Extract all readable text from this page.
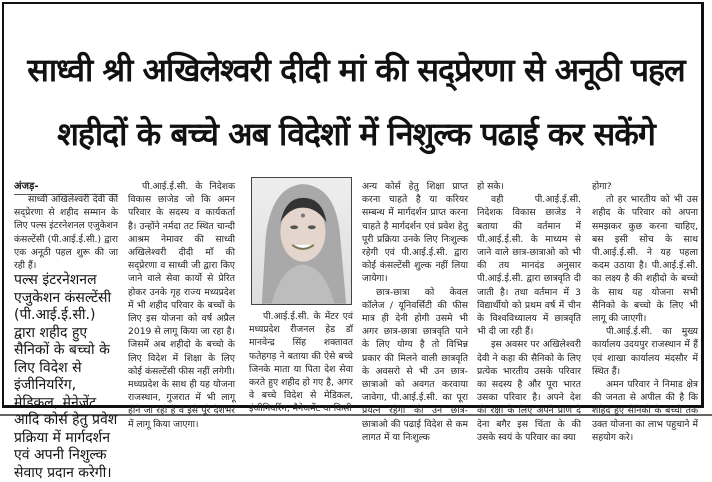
साध्वी श्री अखिलेश्वरी दीदी मां की सद्प्रेरणा से अनूठी पहल
शहीदों के बच्चे अब विदेशों में निशुल्क पढाई कर सकेंगे
अंजड़-

साध्वी अखिलेश्वरी देवी की सद्प्रेरणा से शहीद सम्मान के लिए पल्स इंटरनेशनल एजुकेशन कंसल्टेंसी (पी.आई.ई.सी.) द्वारा एक अनूठी पहल शुरू की जा रही हैं।

पल्स इंटरनेशनल एजुकेशन कंसल्टेंसी (पी.आई.ई.सी.) द्वारा शहीद हुए सैनिकों के बच्चो के लिए विदेश से इंजीनियरिंग, मेडिकल, मेनेजेंट आदि कोर्स हेतु प्रवेश प्रक्रिया में मार्गदर्शन एवं अपनी निशुल्क सेवाए प्रदान करेगी।

पी.आई.ई.सी. के निदेशक विकास छाजेड जो कि अमन परिवार के सदस्य व कार्यकर्ता है। उन्होंने नर्मदा तट स्थित चान्दी आश्रम नेमावर की साध्वी अखिलेश्वरी दीदी माँ की सद्प्रेरणा व साध्वी जी द्वारा किए जाने वाले सेवा कार्यो से प्रेरित होकर उनके गृह राज्य मध्यप्रदेश में भी शहीद परिवार के बच्चों के लिए इस योजना को वर्ष अप्रैल 2019 से लागू किया जा रहा है। जिसमें अब शहीदो के बच्चो के लिए विदेश में शिक्षा के लिए कोई कंसल्टेंसी फीस नहीं लगेगी। मध्यप्रदेश के साथ ही यह योजना राजस्थान, गुजरात में भी लागू होने जा रही है व इसे पूरे देशभर में लागू किया जाएगा।

पी.आई.ई.सी. के मेंटर एवं मध्यप्रदेश रीजनल हेड डॉ मानवेन्द्र सिंह शक्तावत फतेहगड़ ने बताया की ऐसे बच्चे जिनके माता या पिता देश सेवा करते हुए शहीद हो गए है, अगर वे बच्चे विदेश से मेडिकल, इंजीनियरिंग, मैनेजमेंट या किसी

अन्य कोर्स हेतु शिक्षा प्राप्त करना चाहते है या करियर सम्बन्ध में मार्गदर्शन प्राप्त करना चाहते है मार्गदर्शन एवं प्रवेश हेतु पूरी प्रक्रिया उनके लिए निःशुल्क रहेगी एवं पी.आई.ई.सी. द्वारा कोई कंसल्टेंसी शुल्क नहीं लिया जायेगा।

छात्र-छात्रा को केवल कॉलेज / यूनिवर्सिटी की फीस मात्र ही देनी होगी उसमे भी अगर छात्र-छात्रा छात्रवृति पाने के लिए योग्य है तो विभिन्न प्रकार की मिलने वाली छात्रवृति के अवसरो से भी उन छात्र-छात्राओ को अवगत करवाया जावेगा, पी.आई.ई.सी. का पूरा प्रयत्न रहेगा की उन छात्र-छात्राओ की पढाई विदेश से कम लागत में या निःशुल्क

हो सके।

वही पी.आई.ई.सी. निदेशक विकास छाजेड ने बताया की वर्तमान में पी.आई.ई.सी. के माध्यम से जाने वाले छात्र-छात्राओ को भी की तय मानदंड अनुसार पी.आई.ई.सी. द्वारा छात्रवृति दी जाती है। तथा वर्तमान में 3 विद्यार्थीयो को प्रथम वर्ष में चीन के विश्वविध्यालय में छात्रवृति भी दी जा रही हैं।

इस अवसर पर अखिलेश्वरी देवी ने कहा की सैनिको के लिए प्रत्येक भारतीय उसके परिवार का सदस्य है और पूरा भारत उसका परिवार है। अपने देश की रक्षा के लिए अपने प्राण दे देना बगैर इस चिंता के की उसके स्वयं के परिवार का क्या

होगा?

तो हर भारतीय को भी उस शहीद के परिवार को अपना समझकर कुछ करना चाहिए, बस इसी सोच के साथ पी.आई.ई.सी. ने यह पहला कदम उठाया है। पी.आई.ई.सी. का लक्ष्य है की शहीदो के बच्चो के साथ यह योजना सभी सैनिको के बच्चो के लिए भी लागू की जाएगी।

पी.आई.ई.सी. का मुख्य कार्यालय उदयपुर राजस्थान में हैं एवं शाखा कार्यालय मंदसौर में स्थित हैं।

अमन परिवार ने निमाड क्षेत्र की जनता से अपील की है कि शहिद हुए सैनिकों के बच्चो तक उक्त योजना का लाभ पहुचाने में सहयोग करे।
